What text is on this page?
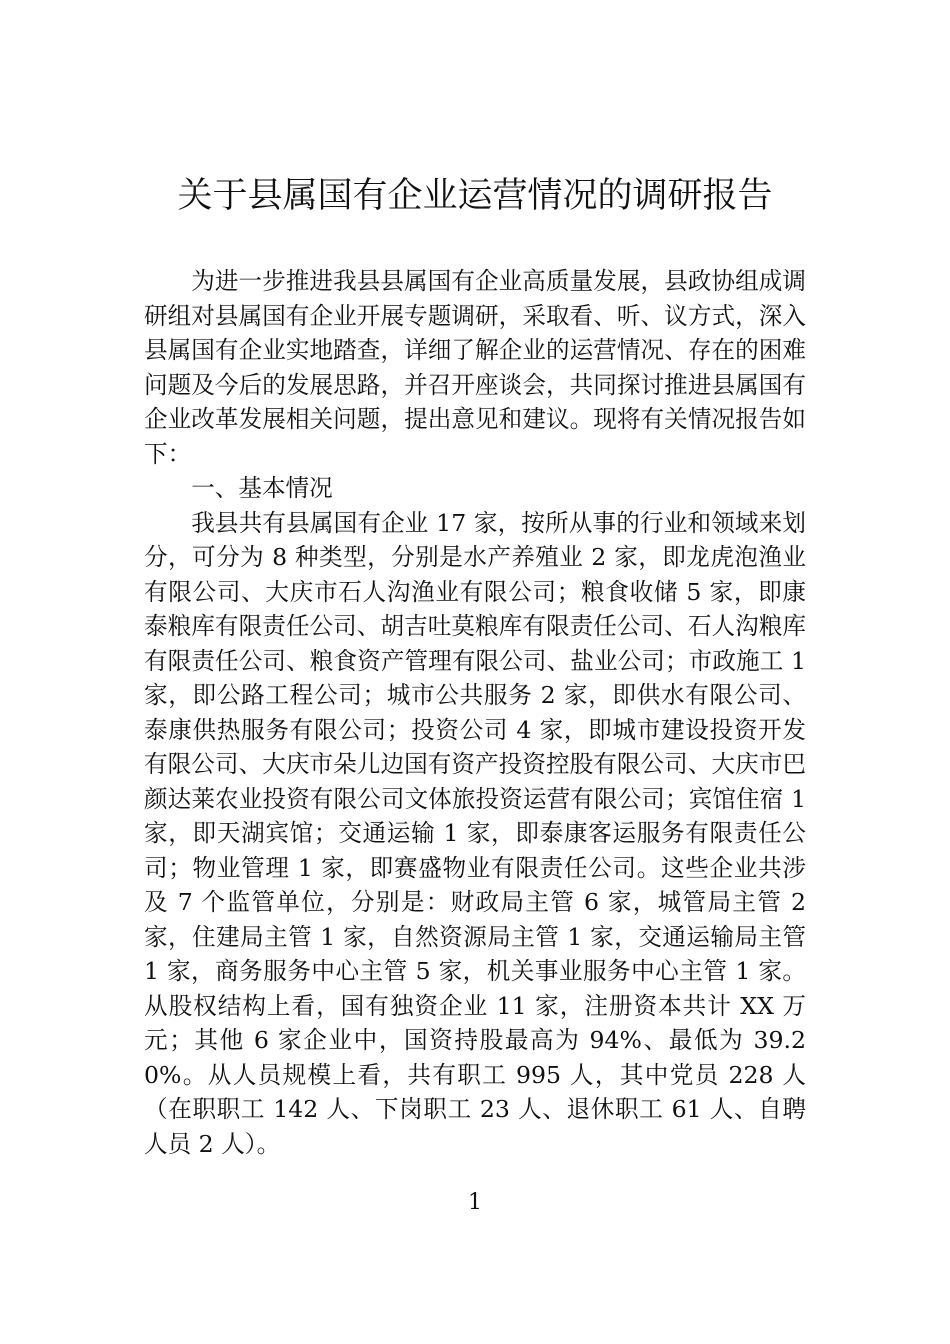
关于县属国有企业运营情况的调研报告

为进一步推进我县县属国有企业高质量发展，县政协组成调研组对县属国有企业开展专题调研，采取看、听、议方式，深入县属国有企业实地踏查，详细了解企业的运营情况、存在的困难问题及今后的发展思路，并召开座谈会，共同探讨推进县属国有企业改革发展相关问题，提出意见和建议。现将有关情况报告如下：

一、基本情况

我县共有县属国有企业 17 家，按所从事的行业和领域来划分，可分为 8 种类型，分别是水产养殖业 2 家，即龙虎泡渔业有限公司、大庆市石人沟渔业有限公司；粮食收储 5 家，即康泰粮库有限责任公司、胡吉吐莫粮库有限责任公司、石人沟粮库有限责任公司、粮食资产管理有限公司、盐业公司；市政施工 1 家，即公路工程公司；城市公共服务 2 家，即供水有限公司、泰康供热服务有限公司；投资公司 4 家，即城市建设投资开发有限公司、大庆市朵儿边国有资产投资控股有限公司、大庆市巴颜达莱农业投资有限公司文体旅投资运营有限公司；宾馆住宿 1 家，即天湖宾馆；交通运输 1 家，即泰康客运服务有限责任公司；物业管理 1 家，即赛盛物业有限责任公司。这些企业共涉及 7 个监管单位，分别是：财政局主管 6 家，城管局主管 2 家，住建局主管 1 家，自然资源局主管 1 家，交通运输局主管 1 家，商务服务中心主管 5 家，机关事业服务中心主管 1 家。从股权结构上看，国有独资企业 11 家，注册资本共计 XX 万元；其他 6 家企业中，国资持股最高为 94%、最低为 39.20%。从人员规模上看，共有职工 995 人，其中党员 228 人（在职职工 142 人、下岗职工 23 人、退休职工 61 人、自聘人员 2 人）。

1
